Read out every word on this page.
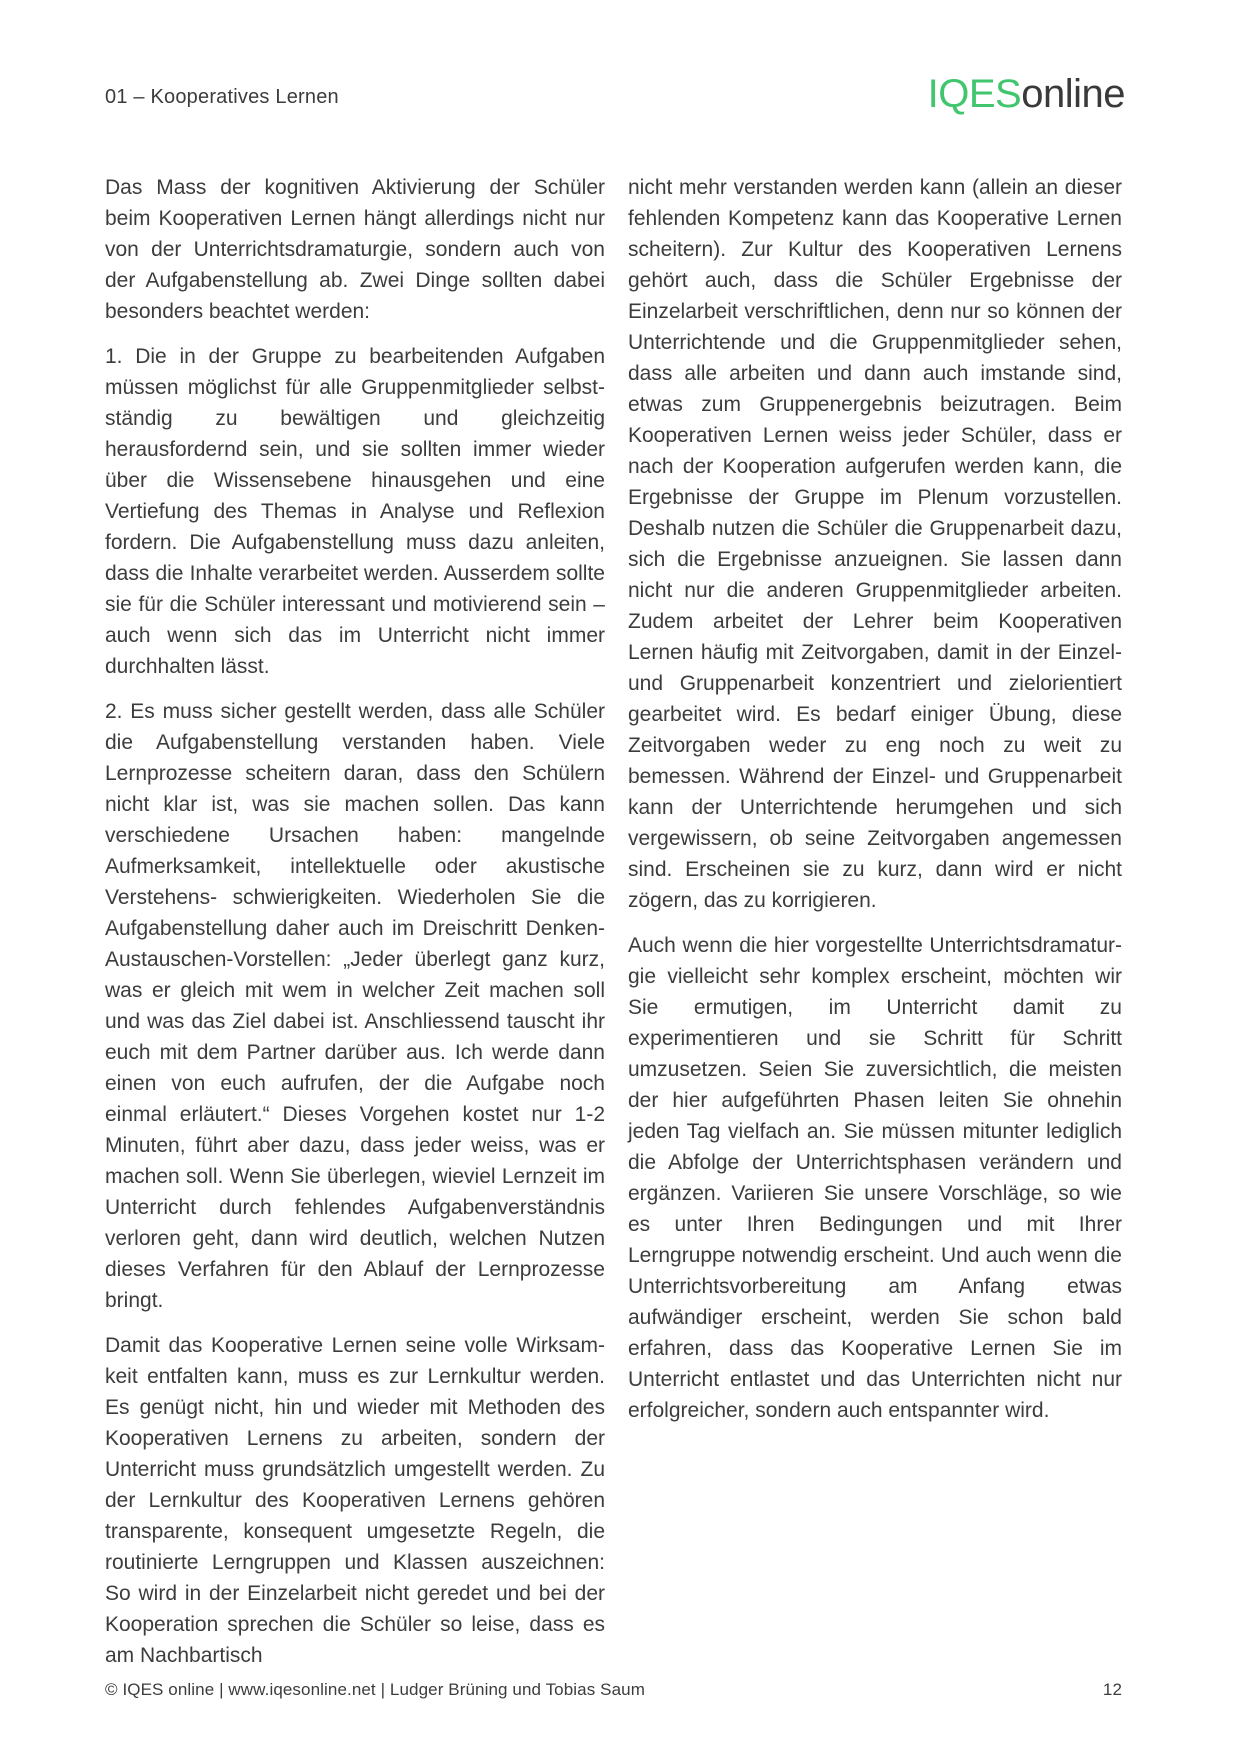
01 – Kooperatives Lernen	IQESonline

Das Mass der kognitiven Aktivierung der Schüler beim Kooperativen Lernen hängt allerdings nicht nur von der Unterrichtsdramaturgie, sondern auch von der Aufgabenstellung ab. Zwei Dinge sollten dabei besonders beachtet werden:

1. Die in der Gruppe zu bearbeitenden Aufgaben müssen möglichst für alle Gruppenmitglieder selbstständig zu bewältigen und gleichzeitig herausfordernd sein, und sie sollten immer wieder über die Wissensebene hinausgehen und eine Vertiefung des Themas in Analyse und Reflexion fordern. Die Aufgabenstellung muss dazu anleiten, dass die Inhalte verarbeitet werden. Ausserdem sollte sie für die Schüler interessant und motivierend sein – auch wenn sich das im Unterricht nicht immer durchhalten lässt.

2. Es muss sicher gestellt werden, dass alle Schüler die Aufgabenstellung verstanden haben. Viele Lernprozesse scheitern daran, dass den Schülern nicht klar ist, was sie machen sollen. Das kann verschiedene Ursachen haben: mangelnde Aufmerksamkeit, intellektuelle oder akustische Verstehens- schwierigkeiten. Wiederholen Sie die Aufgabenstellung daher auch im Dreischritt Denken-Austauschen-Vorstellen: „Jeder überlegt ganz kurz, was er gleich mit wem in welcher Zeit machen soll und was das Ziel dabei ist. Anschliessend tauscht ihr euch mit dem Partner darüber aus. Ich werde dann einen von euch aufrufen, der die Aufgabe noch einmal erläutert.“ Dieses Vorgehen kostet nur 1-2 Minuten, führt aber dazu, dass jeder weiss, was er machen soll. Wenn Sie überlegen, wieviel Lernzeit im Unterricht durch fehlendes Aufgabenverständnis verloren geht, dann wird deutlich, welchen Nutzen dieses Verfahren für den Ablauf der Lernprozesse bringt.

Damit das Kooperative Lernen seine volle Wirksamkeit entfalten kann, muss es zur Lernkultur werden. Es genügt nicht, hin und wieder mit Methoden des Kooperativen Lernens zu arbeiten, sondern der Unterricht muss grundsätzlich umgestellt werden. Zu der Lernkultur des Kooperativen Lernens gehören transparente, konsequent umgesetzte Regeln, die routinierte Lerngruppen und Klassen auszeichnen: So wird in der Einzelarbeit nicht geredet und bei der Kooperation sprechen die Schüler so leise, dass es am Nachbartisch

nicht mehr verstanden werden kann (allein an dieser fehlenden Kompetenz kann das Kooperative Lernen scheitern). Zur Kultur des Kooperativen Lernens gehört auch, dass die Schüler Ergebnisse der Einzelarbeit verschriftlichen, denn nur so können der Unterrichtende und die Gruppenmitglieder sehen, dass alle arbeiten und dann auch imstande sind, etwas zum Gruppenergebnis beizutragen. Beim Kooperativen Lernen weiss jeder Schüler, dass er nach der Kooperation aufgerufen werden kann, die Ergebnisse der Gruppe im Plenum vorzustellen. Deshalb nutzen die Schüler die Gruppenarbeit dazu, sich die Ergebnisse anzueignen. Sie lassen dann nicht nur die anderen Gruppenmitglieder arbeiten. Zudem arbeitet der Lehrer beim Kooperativen Lernen häufig mit Zeitvorgaben, damit in der Einzel- und Gruppenarbeit konzentriert und zielorientiert gearbeitet wird. Es bedarf einiger Übung, diese Zeitvorgaben weder zu eng noch zu weit zu bemessen. Während der Einzel- und Gruppenarbeit kann der Unterrichtende herumgehen und sich vergewissern, ob seine Zeitvorgaben angemessen sind. Erscheinen sie zu kurz, dann wird er nicht zögern, das zu korrigieren.

Auch wenn die hier vorgestellte Unterrichtsdramaturgie vielleicht sehr komplex erscheint, möchten wir Sie ermutigen, im Unterricht damit zu experimentieren und sie Schritt für Schritt umzusetzen. Seien Sie zuversichtlich, die meisten der hier aufgeführten Phasen leiten Sie ohnehin jeden Tag vielfach an. Sie müssen mitunter lediglich die Abfolge der Unterrichtsphasen verändern und ergänzen. Variieren Sie unsere Vorschläge, so wie es unter Ihren Bedingungen und mit Ihrer Lerngruppe notwendig erscheint. Und auch wenn die Unterrichtsvorbereitung am Anfang etwas aufwändiger erscheint, werden Sie schon bald erfahren, dass das Kooperative Lernen Sie im Unterricht entlastet und das Unterrichten nicht nur erfolgreicher, sondern auch entspannter wird.

© IQES online | www.iqesonline.net | Ludger Brüning und Tobias Saum	12
